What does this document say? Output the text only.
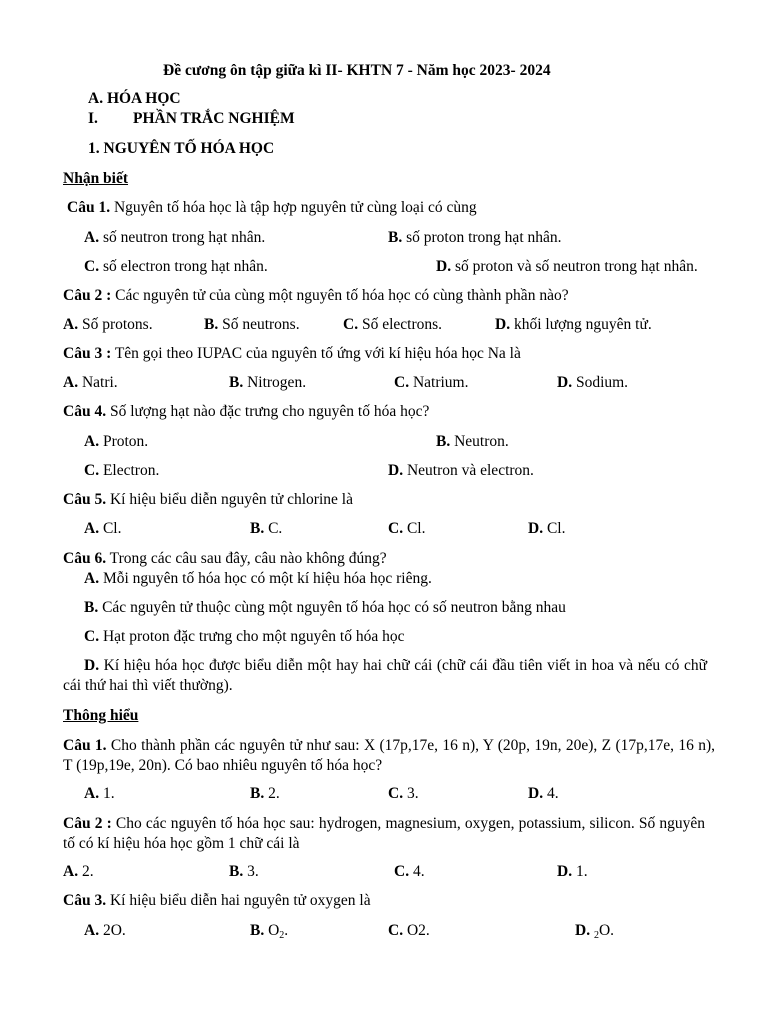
Đề cương ôn tập giữa kì II- KHTN 7 - Năm học 2023- 2024
A. HÓA HỌC
I. PHẦN TRẮC NGHIỆM
1. NGUYÊN TỐ HÓA HỌC
Nhận biết
Câu 1. Nguyên tố hóa học là tập hợp nguyên tử cùng loại có cùng
A. số neutron trong hạt nhân.	B. số proton trong hạt nhân.
C. số electron trong hạt nhân.	D. số proton và số neutron trong hạt nhân.
Câu 2 : Các nguyên tử của cùng một nguyên tố hóa học có cùng thành phần nào?
A. Số protons.	B. Số neutrons.	C. Số electrons.	D. khối lượng nguyên tử.
Câu 3 : Tên gọi theo IUPAC của nguyên tố ứng với kí hiệu hóa học Na là
A. Natri.	B. Nitrogen.	C. Natrium.	D. Sodium.
Câu 4. Số lượng hạt nào đặc trưng cho nguyên tố hóa học?
A. Proton.	B. Neutron.
C. Electron.	D. Neutron và electron.
Câu 5. Kí hiệu biểu diễn nguyên tử chlorine là
A. Cl.	B. C.	C. Cl.	D. Cl.
Câu 6. Trong các câu sau đây, câu nào không đúng?
A. Mỗi nguyên tố hóa học có một kí hiệu hóa học riêng.
B. Các nguyên tử thuộc cùng một nguyên tố hóa học có số neutron bằng nhau
C. Hạt proton đặc trưng cho một nguyên tố hóa học
D. Kí hiệu hóa học được biểu diễn một hay hai chữ cái (chữ cái đầu tiên viết in hoa và nếu có chữ cái thứ hai thì viết thường).
Thông hiểu
Câu 1. Cho thành phần các nguyên tử như sau: X (17p,17e, 16 n), Y (20p, 19n, 20e), Z (17p,17e, 16 n), T (19p,19e, 20n). Có bao nhiêu nguyên tố hóa học?
A. 1.	B. 2.	C. 3.	D. 4.
Câu 2 : Cho các nguyên tố hóa học sau: hydrogen, magnesium, oxygen, potassium, silicon. Số nguyên tố có kí hiệu hóa học gồm 1 chữ cái là
A. 2.	B. 3.	C. 4.	D. 1.
Câu 3. Kí hiệu biểu diễn hai nguyên tử oxygen là
A. 2O.	B. $O_2$.	C. O2.	D. $_2$O.
